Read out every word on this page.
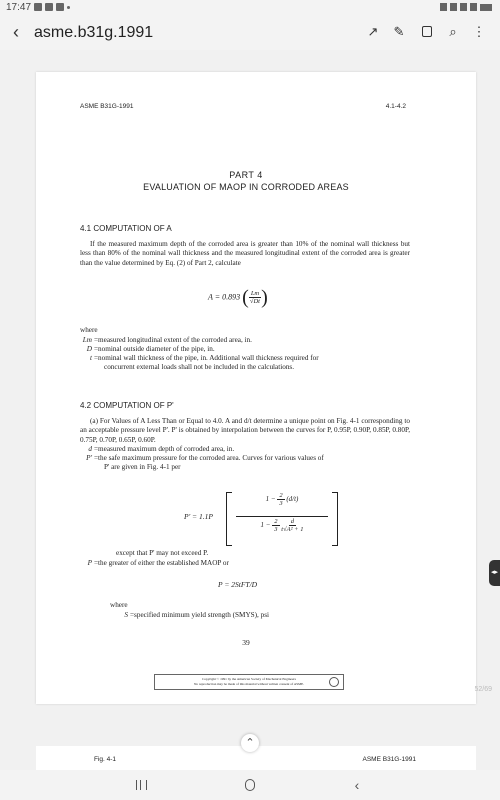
17:47
‹ asme.b31g.1991	↗ ✎	⌕	⋮
ASME B31G-1991	4.1-4.2
PART 4
EVALUATION OF MAOP IN CORRODED AREAS
4.1 COMPUTATION OF A
If the measured maximum depth of the corroded area is greater than 10% of the nominal wall thickness but less than 80% of the nominal wall thickness and the measured longitudinal extent of the corroded area is greater than the value determined by Eq. (2) of Part 2, calculate
A = 0.893 ( $\frac{Lm}{√Dt}$ )
where
Lm =measured longitudinal extent of the corroded area, in.
D =nominal outside diameter of the pipe, in.
t =nominal wall thickness of the pipe, in. Additional wall thickness required for
concurrent external loads shall not be included in the calculations.
4.2 COMPUTATION OF P'
(a) For Values of A Less Than or Equal to 4.0. A and d/t determine a unique point on Fig. 4-1 corresponding to an acceptable pressure level P'. P' is obtained by interpolation between the curves for P, 0.95P, 0.90P, 0.85P, 0.80P, 0.75P, 0.70P, 0.65P, 0.60P.
d =measured maximum depth of corroded area, in.
P' =the safe maximum pressure for the corroded area. Curves for various values of
P' are given in Fig. 4-1 per
P' = 1.1P
$1 - \frac{2}{3} (d/t)$
$1 - \frac{2}{3}$
$\frac{d}{\text{t√A² + 1}}$
except that P' may not exceed P.
P =the greater of either the established MAOP or
P = 2StFT/D
where
S =specified minimum yield strength (SMYS), psi
39
Copyright © 1991 by the American Society of Mechanical Engineers
No reproduction may be made of this material without written consent of ASME.
52/69
◂▸
Fig. 4-1	ASME B31G-1991
⌃
‹
